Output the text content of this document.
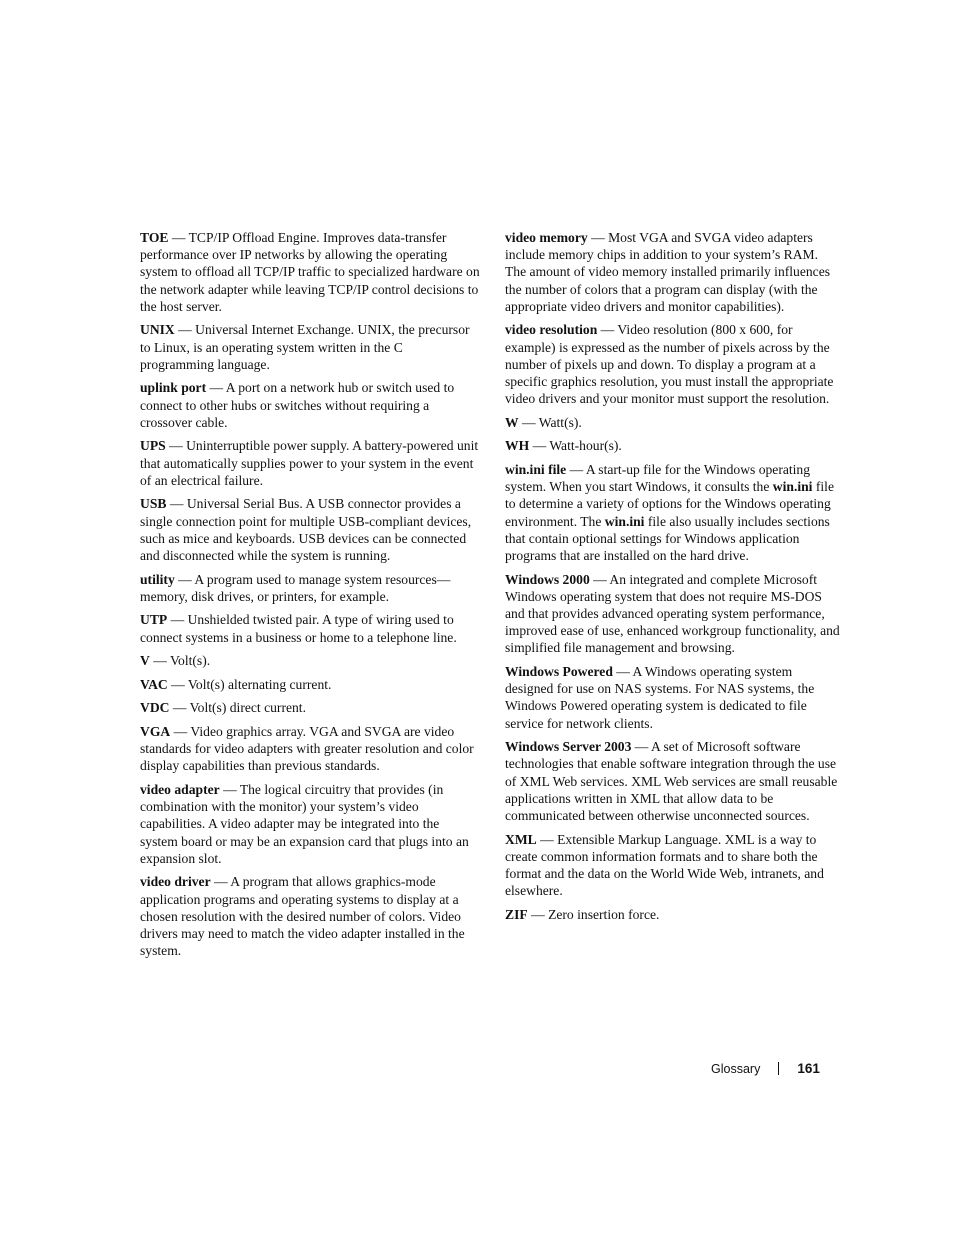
TOE — TCP/IP Offload Engine. Improves data-transfer performance over IP networks by allowing the operating system to offload all TCP/IP traffic to specialized hardware on the network adapter while leaving TCP/IP control decisions to the host server.

UNIX — Universal Internet Exchange. UNIX, the precursor to Linux, is an operating system written in the C programming language.

uplink port — A port on a network hub or switch used to connect to other hubs or switches without requiring a crossover cable.

UPS — Uninterruptible power supply. A battery-powered unit that automatically supplies power to your system in the event of an electrical failure.

USB — Universal Serial Bus. A USB connector provides a single connection point for multiple USB-compliant devices, such as mice and keyboards. USB devices can be connected and disconnected while the system is running.

utility — A program used to manage system resources—memory, disk drives, or printers, for example.

UTP — Unshielded twisted pair. A type of wiring used to connect systems in a business or home to a telephone line.

V — Volt(s).

VAC — Volt(s) alternating current.

VDC — Volt(s) direct current.

VGA — Video graphics array. VGA and SVGA are video standards for video adapters with greater resolution and color display capabilities than previous standards.

video adapter — The logical circuitry that provides (in combination with the monitor) your system’s video capabilities. A video adapter may be integrated into the system board or may be an expansion card that plugs into an expansion slot.

video driver — A program that allows graphics-mode application programs and operating systems to display at a chosen resolution with the desired number of colors. Video drivers may need to match the video adapter installed in the system.

video memory — Most VGA and SVGA video adapters include memory chips in addition to your system’s RAM. The amount of video memory installed primarily influences the number of colors that a program can display (with the appropriate video drivers and monitor capabilities).

video resolution — Video resolution (800 x 600, for example) is expressed as the number of pixels across by the number of pixels up and down. To display a program at a specific graphics resolution, you must install the appropriate video drivers and your monitor must support the resolution.

W — Watt(s).

WH — Watt-hour(s).

win.ini file — A start-up file for the Windows operating system. When you start Windows, it consults the win.ini file to determine a variety of options for the Windows operating environment. The win.ini file also usually includes sections that contain optional settings for Windows application programs that are installed on the hard drive.

Windows 2000 — An integrated and complete Microsoft Windows operating system that does not require MS-DOS and that provides advanced operating system performance, improved ease of use, enhanced workgroup functionality, and simplified file management and browsing.

Windows Powered — A Windows operating system designed for use on NAS systems. For NAS systems, the Windows Powered operating system is dedicated to file service for network clients.

Windows Server 2003 — A set of Microsoft software technologies that enable software integration through the use of XML Web services. XML Web services are small reusable applications written in XML that allow data to be communicated between otherwise unconnected sources.

XML — Extensible Markup Language. XML is a way to create common information formats and to share both the format and the data on the World Wide Web, intranets, and elsewhere.

ZIF — Zero insertion force.

Glossary	161
